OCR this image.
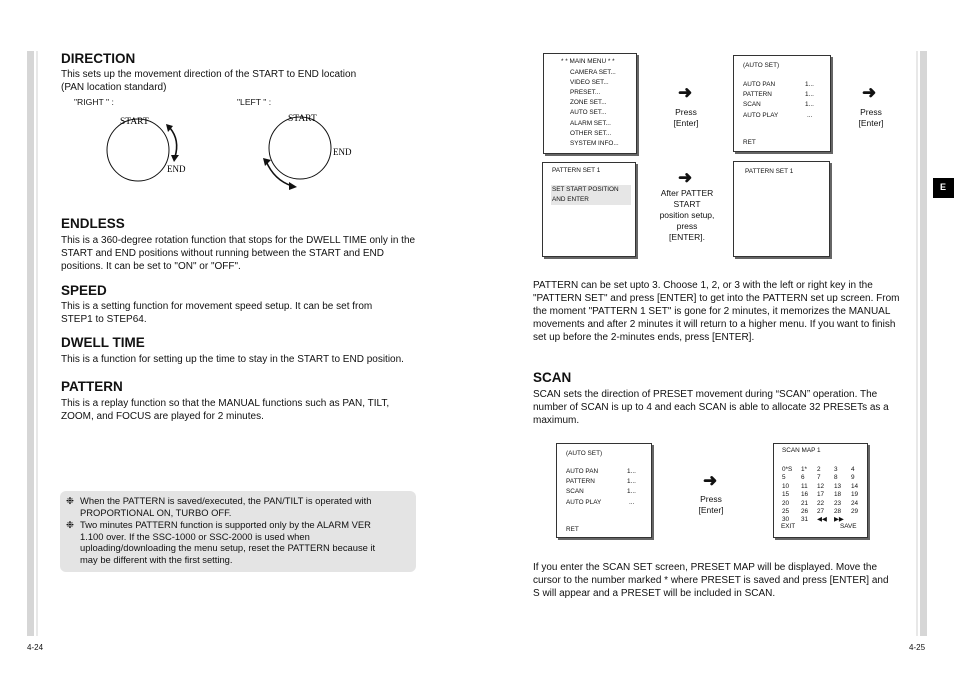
DIRECTION

This sets up the movement direction of the START to END location

(PAN location standard)

"RIGHT " :	"LEFT " :

START
END
START
END
ENDLESS

This is a 360-degree rotation function that stops for the DWELL TIME only in the

START and END positions without running between the START and END

positions. It can be set to "ON" or "OFF".

SPEED

This is a setting function for movement speed setup. It can be set from

STEP1 to STEP64.

DWELL TIME

This is a function for setting up the time to stay in the START to END position.

PATTERN

This is a replay function so that the MANUAL functions such as PAN, TILT,

ZOOM, and FOCUS are played for 2 minutes.

❉ When the PATTERN is saved/executed, the PAN/TILT is operated with
PROPORTIONAL ON, TURBO OFF.
❉ Two minutes PATTERN function is supported only by the ALARM VER
1.100 over. If the SSC-1000 or SSC-2000 is used when
uploading/downloading the menu setup, reset the PATTERN because it
may be different with the first setting.

4-24

* * MAIN MENU * *
CAMERA SET...
VIDEO SET...
PRESET...
ZONE SET...
AUTO SET...
ALARM SET...
OTHER SET...
SYSTEM INFO...
➜
Press
[Enter]
(AUTO SET)
AUTO PAN	1...
PATTERN	1...
SCAN	1...
AUTO PLAY	...
RET
➜
Press
[Enter]
PATTERN SET 1
SET START POSITION
AND ENTER
➜
After PATTER
START
position setup,
press
[ENTER].
PATTERN SET 1

PATTERN can be set upto 3. Choose 1, 2, or 3 with the left or right key in the

"PATTERN SET" and press [ENTER] to get into the PATTERN set up screen. From

the moment "PATTERN 1 SET" is gone for 2 minutes, it memorizes the MANUAL

movements and after 2 minutes it will return to a higher menu. If you want to finish

set up before the 2-minutes ends, press [ENTER].

SCAN

SCAN sets the direction of PRESET movement during “SCAN” operation. The

number of SCAN is up to 4 and each SCAN is able to allocate 32 PRESETs as a

maximum.

(AUTO SET)
AUTO PAN	1...
PATTERN	1...
SCAN	1...
AUTO PLAY	...
RET
➜
Press
[Enter]
SCAN MAP 1
0*S 1* 2 3 4
5 6 7 8 9
10 11 12 13 14
15 16 17 18 19
20 21 22 23 24
25 26 27 28 29
30 31 ◀◀ ▶▶
EXIT	SAVE

If you enter the SCAN SET screen, PRESET MAP will be displayed. Move the

cursor to the number marked * where PRESET is saved and press [ENTER] and

S will appear and a PRESET will be included in SCAN.

E

4-25
